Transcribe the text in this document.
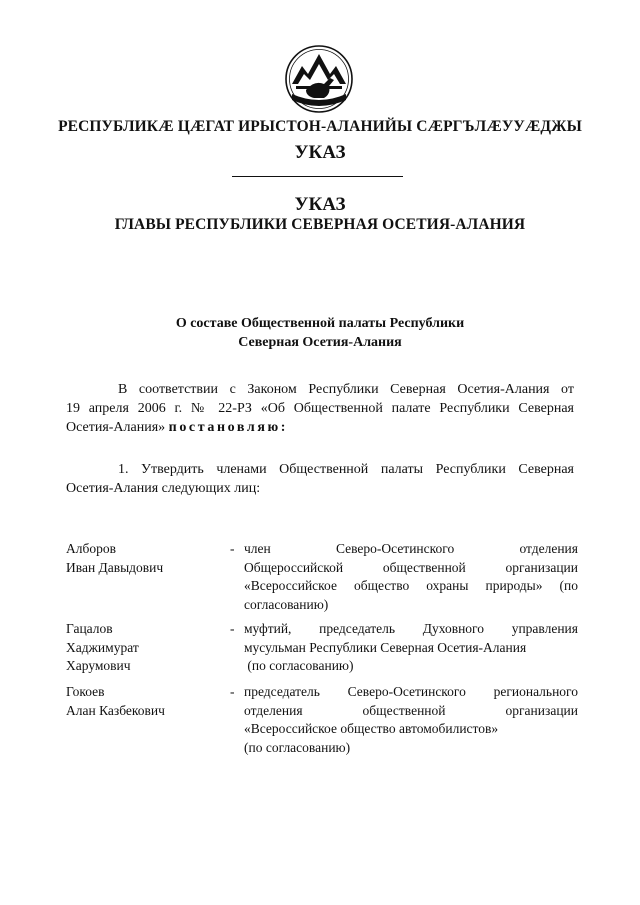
РЕСПУБЛИКӔ ЦӔГАТ ИРЫСТОН-АЛАНИЙЫ СӔРГЪЛӔУУӔДЖЫ
УКАЗ
УКАЗ
ГЛАВЫ РЕСПУБЛИКИ СЕВЕРНАЯ ОСЕТИЯ-АЛАНИЯ
О составе Общественной палаты Республики
Северная Осетия-Алания
В соответствии с Законом Республики Северная Осетия-Алания от
19 апреля 2006 г. № 22-РЗ «Об Общественной палате Республики Северная
Осетия-Алания» постановляю:
1. Утвердить членами Общественной палаты Республики Северная
Осетия-Алания следующих лиц:
Алборов
Иван Давыдович
- член Северо-Осетинского отделения
Общероссийской общественной организации
«Всероссийское общество охраны природы» (по
согласованию)
Гацалов
Хаджимурат
Харумович
- муфтий, председатель Духовного управления
мусульман Республики Северная Осетия-Алания
(по согласованию)
Гокоев
Алан Казбекович
- председатель Северо-Осетинского регионального
отделения общественной организации
«Всероссийское общество автомобилистов»
(по согласованию)
